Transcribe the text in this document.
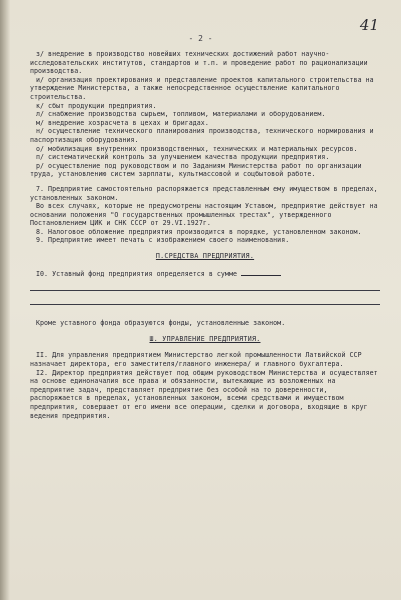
- 2 -
41

з/ внедрение в производство новейших технических достижений работ научно-исследовательских институтов, стандартов и т.п. и проведение работ по рационализации производства.

и/ организация проектирования и представление проектов капитального строительства на утверждение Министерства, а также непосредственное осуществление капитального строительства.

к/ сбыт продукции предприятия.

л/ снабжение производства сырьем, топливом, материалами и оборудованием.

м/ внедрение хозрасчета в цехах и бригадах.

н/ осуществление технического планирования производства, технического нормирования и паспортизация оборудования.

о/ мобилизация внутренних производственных, технических и материальных ресурсов.

п/ систематический контроль за улучшением качества продукции предприятия.

р/ осуществление под руководством и по Заданиям Министерства работ по организации труда, установлению систем зарплаты, культмассовой и соцбытовой работе.

7. Предприятие самостоятельно распоряжается представленным ему имуществом в пределах, установленных законом.

Во всех случаях, которые не предусмотрены настоящим Уставом, предприятие действует на основании положения "О государственных промышленных трестах", утвержденного Постановлением ЦИК и СНК СССР от 29.VI.1927г.

8. Налоговое обложение предприятия производится в порядке, установленном законом.

9. Предприятие имеет печать с изображением своего наименования.

П.СРЕДСТВА ПРЕДПРИЯТИЯ.

I0. Уставный фонд предприятия определяется в сумме

Кроме уставного фонда образуются фонды, установленные законом.

Ш. УПРАВЛЕНИЕ ПРЕДПРИЯТИЯ.

II. Для управления предприятием Министерство легкой промышленности Латвийской ССР назначает директора, его заместителя/главного инженера/ и главного бухгалтера.

I2. Директор предприятия действует под общим руководством Министерства и осуществляет на основе единоначалия все права и обязанности, вытекающие из возложенных на предприятие задач, представляет предприятие без особой на то доверенности, распоряжается в пределах, установленных законом, всеми средствами и имуществом предприятия, совершает от его имени все операции, сделки и договора, входящие в круг ведения предприятия.
